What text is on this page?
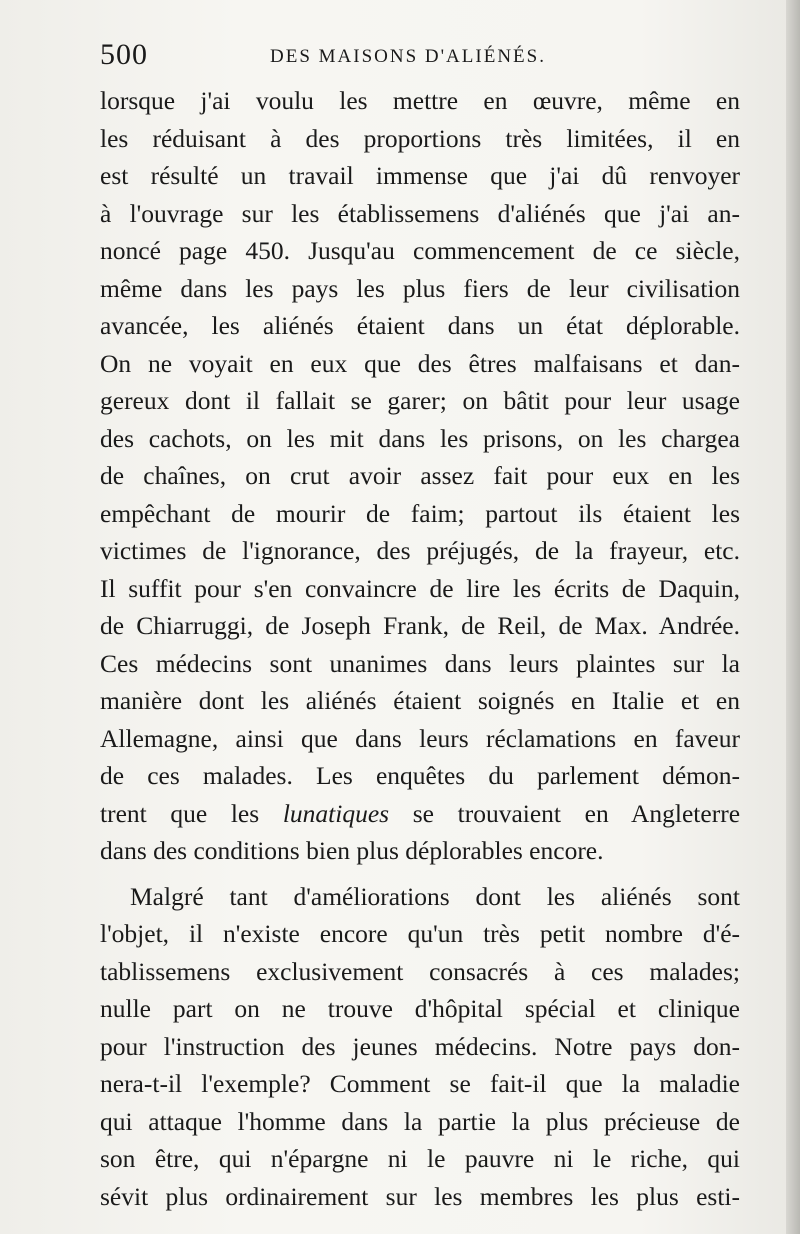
500	DES MAISONS D'ALIÉNÉS.
lorsque j'ai voulu les mettre en œuvre, même en
les réduisant à des proportions très limitées, il en
est résulté un travail immense que j'ai dû renvoyer
à l'ouvrage sur les établissemens d'aliénés que j'ai an-
noncé page 450. Jusqu'au commencement de ce siècle,
même dans les pays les plus fiers de leur civilisation
avancée, les aliénés étaient dans un état déplorable.
On ne voyait en eux que des êtres malfaisans et dan-
gereux dont il fallait se garer; on bâtit pour leur usage
des cachots, on les mit dans les prisons, on les chargea
de chaînes, on crut avoir assez fait pour eux en les
empêchant de mourir de faim; partout ils étaient les
victimes de l'ignorance, des préjugés, de la frayeur, etc.
Il suffit pour s'en convaincre de lire les écrits de Daquin,
de Chiarruggi, de Joseph Frank, de Reil, de Max. Andrée.
Ces médecins sont unanimes dans leurs plaintes sur la
manière dont les aliénés étaient soignés en Italie et en
Allemagne, ainsi que dans leurs réclamations en faveur
de ces malades. Les enquêtes du parlement démon-
trent que les lunatiques se trouvaient en Angleterre
dans des conditions bien plus déplorables encore.
Malgré tant d'améliorations dont les aliénés sont
l'objet, il n'existe encore qu'un très petit nombre d'é-
tablissemens exclusivement consacrés à ces malades;
nulle part on ne trouve d'hôpital spécial et clinique
pour l'instruction des jeunes médecins. Notre pays don-
nera-t-il l'exemple? Comment se fait-il que la maladie
qui attaque l'homme dans la partie la plus précieuse de
son être, qui n'épargne ni le pauvre ni le riche, qui
sévit plus ordinairement sur les membres les plus esti-
